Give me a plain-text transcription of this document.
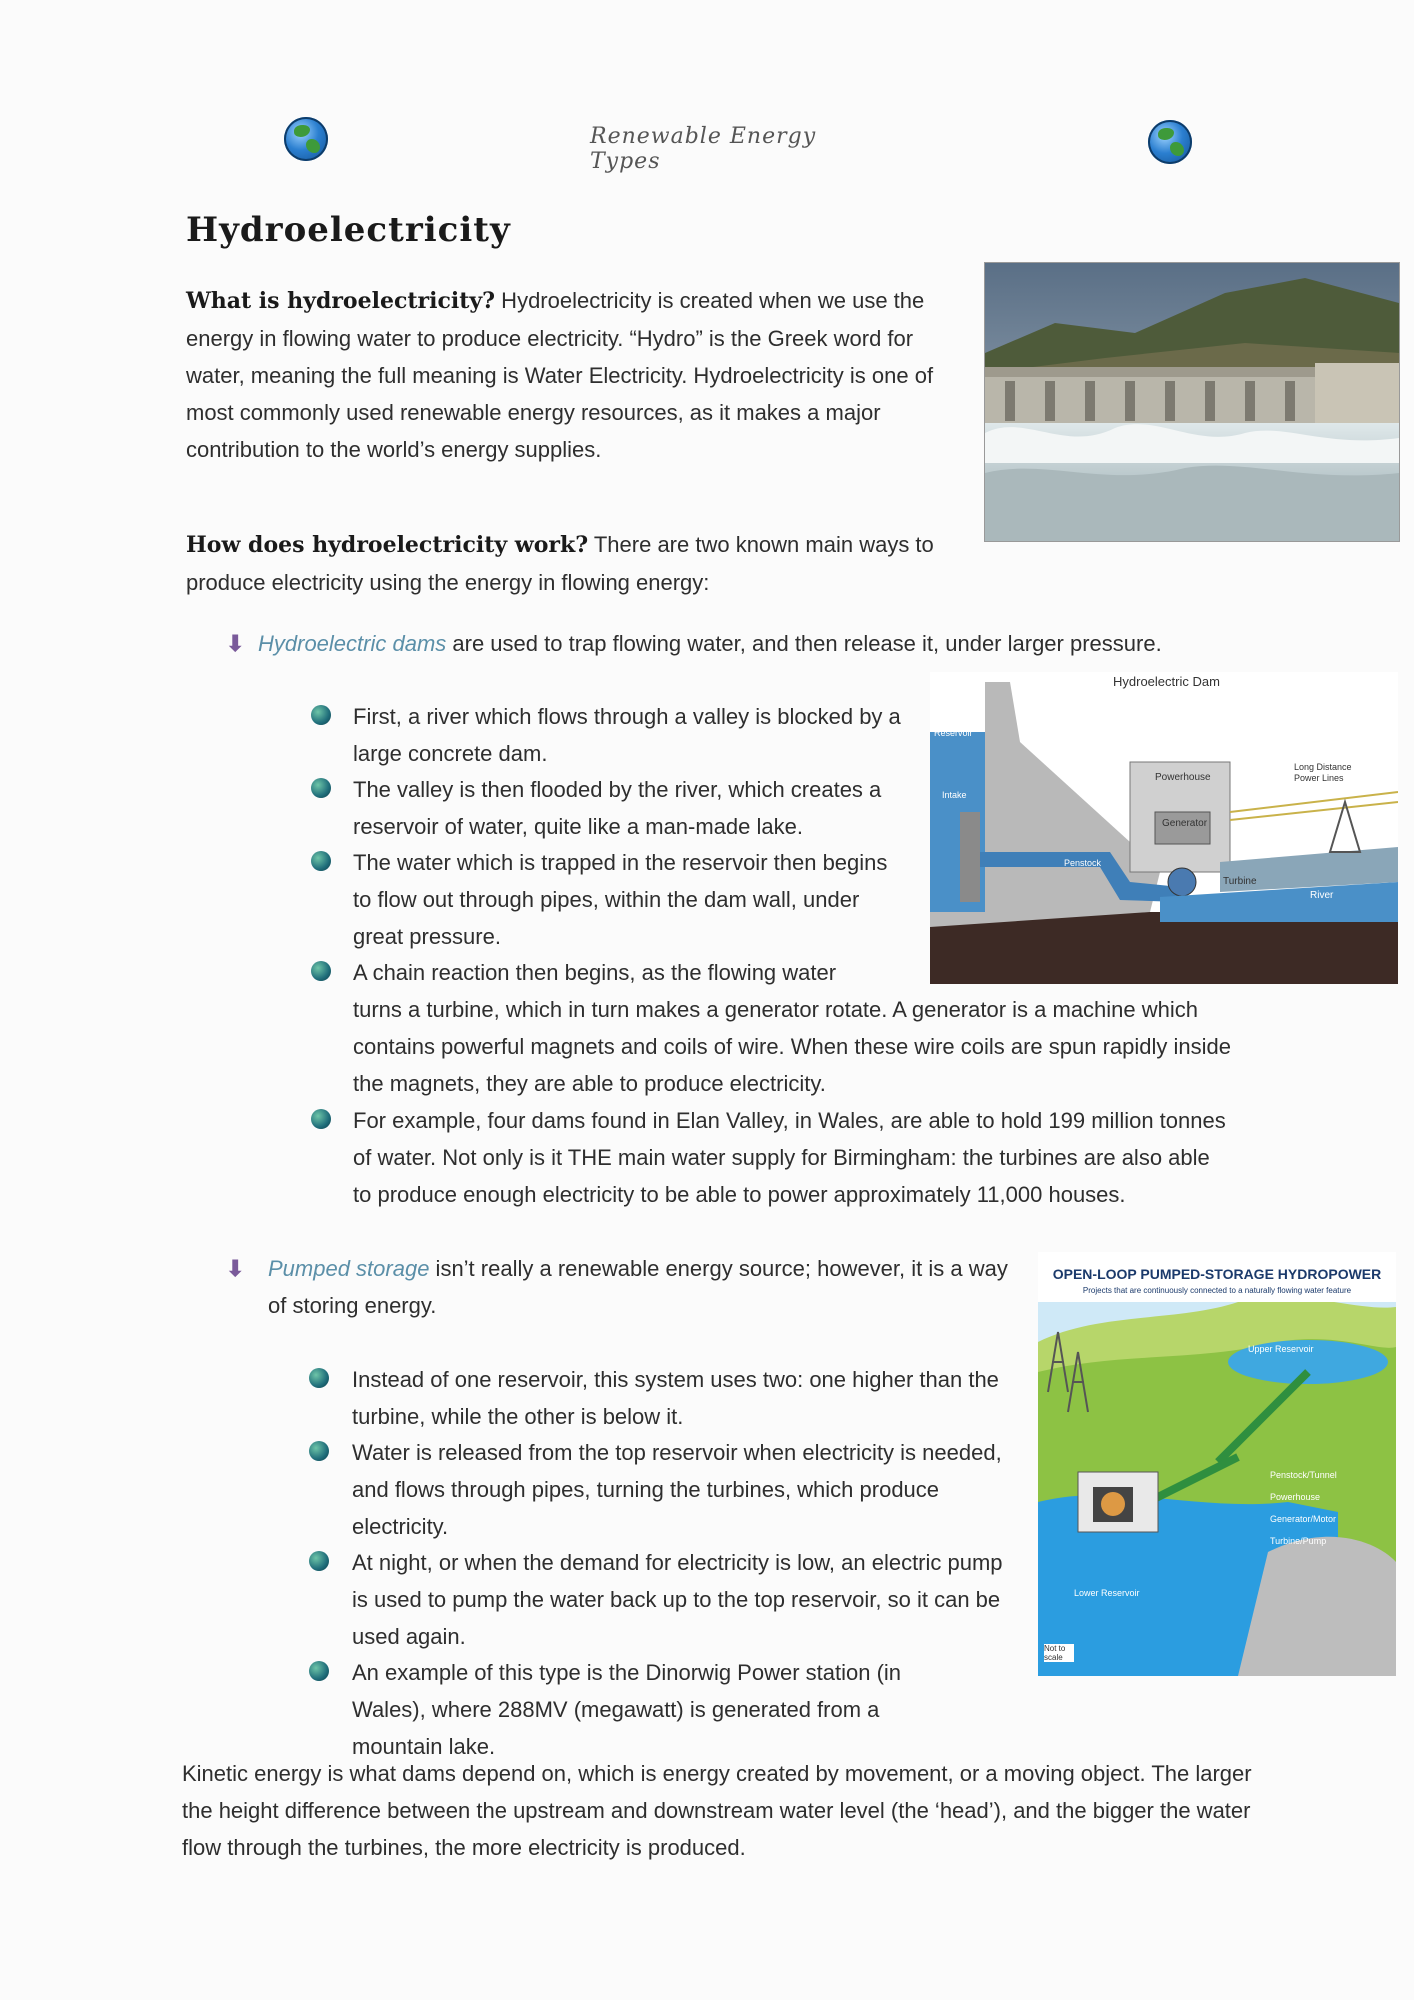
Renewable Energy Types
Hydroelectricity
What is hydroelectricity? Hydroelectricity is created when we use the energy in flowing water to produce electricity. “Hydro” is the Greek word for water, meaning the full meaning is Water Electricity. Hydroelectricity is one of most commonly used renewable energy resources, as it makes a major contribution to the world’s energy supplies.
How does hydroelectricity work? There are two known main ways to produce electricity using the energy in flowing energy:
⬇ Hydroelectric dams are used to trap flowing water, and then release it, under larger pressure.
First, a river which flows through a valley is blocked by a large concrete dam.
The valley is then flooded by the river, which creates a reservoir of water, quite like a man-made lake.
The water which is trapped in the reservoir then begins to flow out through pipes, within the dam wall, under great pressure.
A chain reaction then begins, as the flowing water
turns a turbine, which in turn makes a generator rotate. A generator is a machine which contains powerful magnets and coils of wire. When these wire coils are spun rapidly inside the magnets, they are able to produce electricity.
For example, four dams found in Elan Valley, in Wales, are able to hold 199 million tonnes of water. Not only is it THE main water supply for Birmingham: the turbines are also able to produce enough electricity to be able to power approximately 11,000 houses.
Hydroelectric Dam
Reservoir
Intake
Powerhouse
Generator
Penstock
Turbine
River
Long Distance Power Lines
⬇ Pumped storage isn’t really a renewable energy source; however, it is a way of storing energy.
Instead of one reservoir, this system uses two: one higher than the turbine, while the other is below it.
Water is released from the top reservoir when electricity is needed, and flows through pipes, turning the turbines, which produce electricity.
At night, or when the demand for electricity is low, an electric pump is used to pump the water back up to the top reservoir, so it can be used again.
An example of this type is the Dinorwig Power station (in Wales), where 288MV (megawatt) is generated from a mountain lake.
OPEN-LOOP PUMPED-STORAGE HYDROPOWER
Projects that are continuously connected to a naturally flowing water feature
Upper Reservoir
Penstock/Tunnel
Powerhouse
Generator/Motor
Turbine/Pump
Lower Reservoir
Not to scale
Kinetic energy is what dams depend on, which is energy created by movement, or a moving object. The larger the height difference between the upstream and downstream water level (the ‘head’), and the bigger the water flow through the turbines, the more electricity is produced.
